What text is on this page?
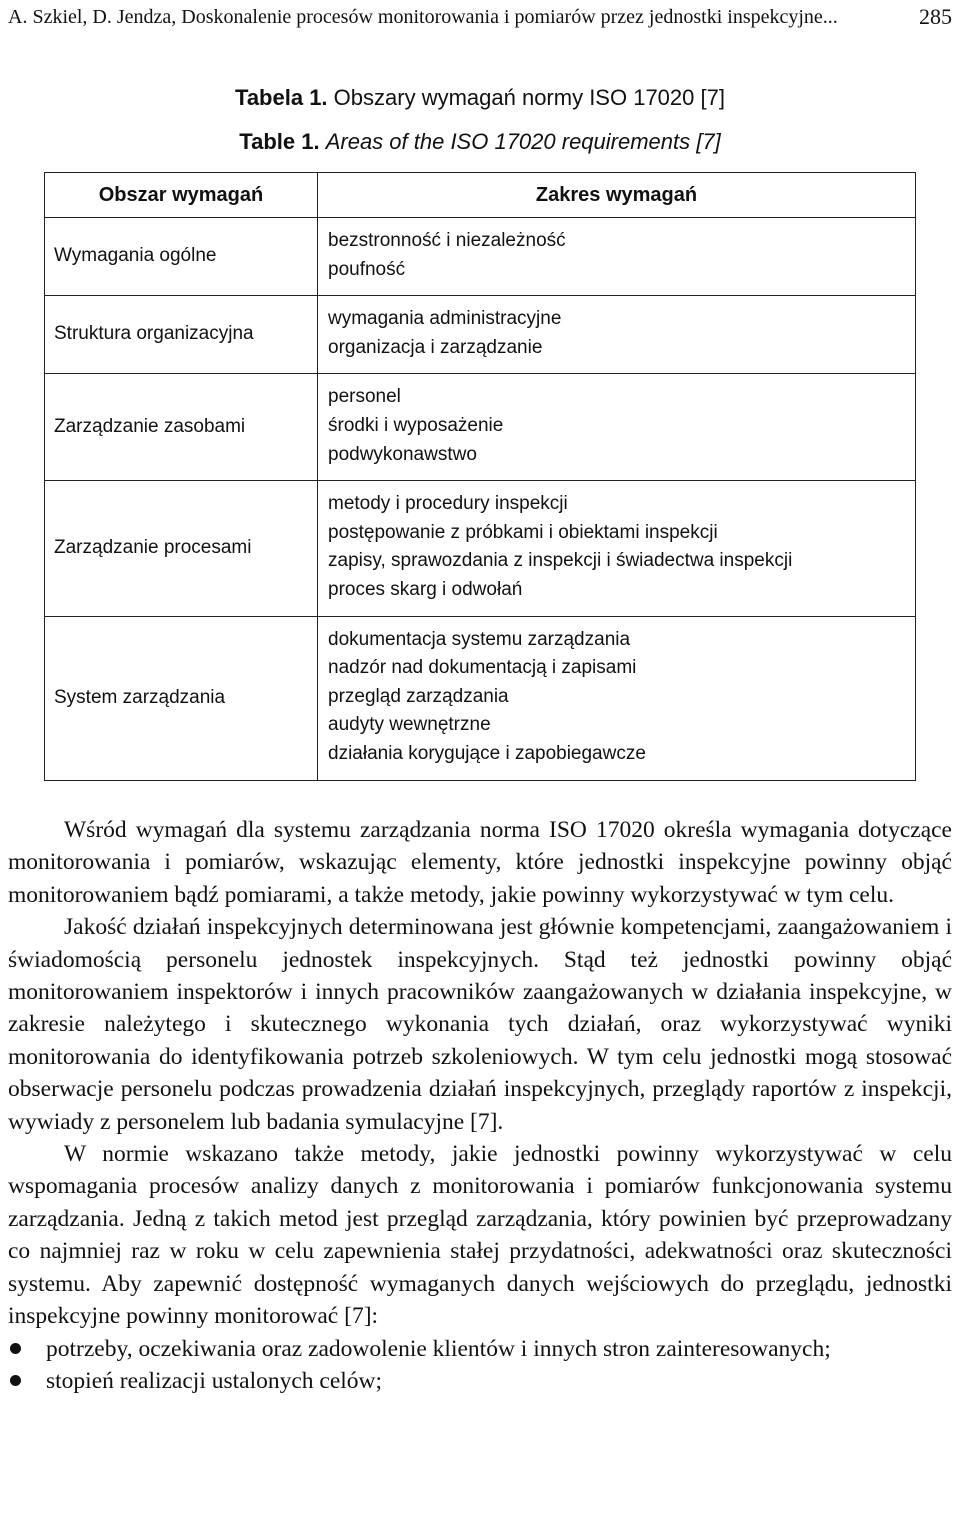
A. Szkiel, D. Jendza, Doskonalenie procesów monitorowania i pomiarów przez jednostki inspekcyjne...	285
Tabela 1. Obszary wymagań normy ISO 17020 [7]
Table 1. Areas of the ISO 17020 requirements [7]
Obszar wymagań	Zakres wymagań
Wymagania ogólne	bezstronność i niezależność
poufność

Struktura organizacyjna	wymagania administracyjne
organizacja i zarządzanie

Zarządzanie zasobami	personel
środki i wyposażenie
podwykonawstwo

Zarządzanie procesami	metody i procedury inspekcji
postępowanie z próbkami i obiektami inspekcji
zapisy, sprawozdania z inspekcji i świadectwa inspekcji
proces skarg i odwołań

System zarządzania	dokumentacja systemu zarządzania
nadzór nad dokumentacją i zapisami
przegląd zarządzania
audyty wewnętrzne
działania korygujące i zapobiegawcze

Wśród wymagań dla systemu zarządzania norma ISO 17020 określa wymagania dotyczące monitorowania i pomiarów, wskazując elementy, które jednostki inspekcyjne powinny objąć monitorowaniem bądź pomiarami, a także metody, jakie powinny wykorzystywać w tym celu.

Jakość działań inspekcyjnych determinowana jest głównie kompetencjami, zaangażowaniem i świadomością personelu jednostek inspekcyjnych. Stąd też jednostki powinny objąć monitorowaniem inspektorów i innych pracowników zaangażowanych w działania inspekcyjne, w zakresie należytego i skutecznego wykonania tych działań, oraz wykorzystywać wyniki monitorowania do identyfikowania potrzeb szkoleniowych. W tym celu jednostki mogą stosować obserwacje personelu podczas prowadzenia działań inspekcyjnych, przeglądy raportów z inspekcji, wywiady z personelem lub badania symulacyjne [7].

W normie wskazano także metody, jakie jednostki powinny wykorzystywać w celu wspomagania procesów analizy danych z monitorowania i pomiarów funkcjonowania systemu zarządzania. Jedną z takich metod jest przegląd zarządzania, który powinien być przeprowadzany co najmniej raz w roku w celu zapewnienia stałej przydatności, adekwatności oraz skuteczności systemu. Aby zapewnić dostępność wymaganych danych wejściowych do przeglądu, jednostki inspekcyjne powinny monitorować [7]:

potrzeby, oczekiwania oraz zadowolenie klientów i innych stron zainteresowanych;
stopień realizacji ustalonych celów;
